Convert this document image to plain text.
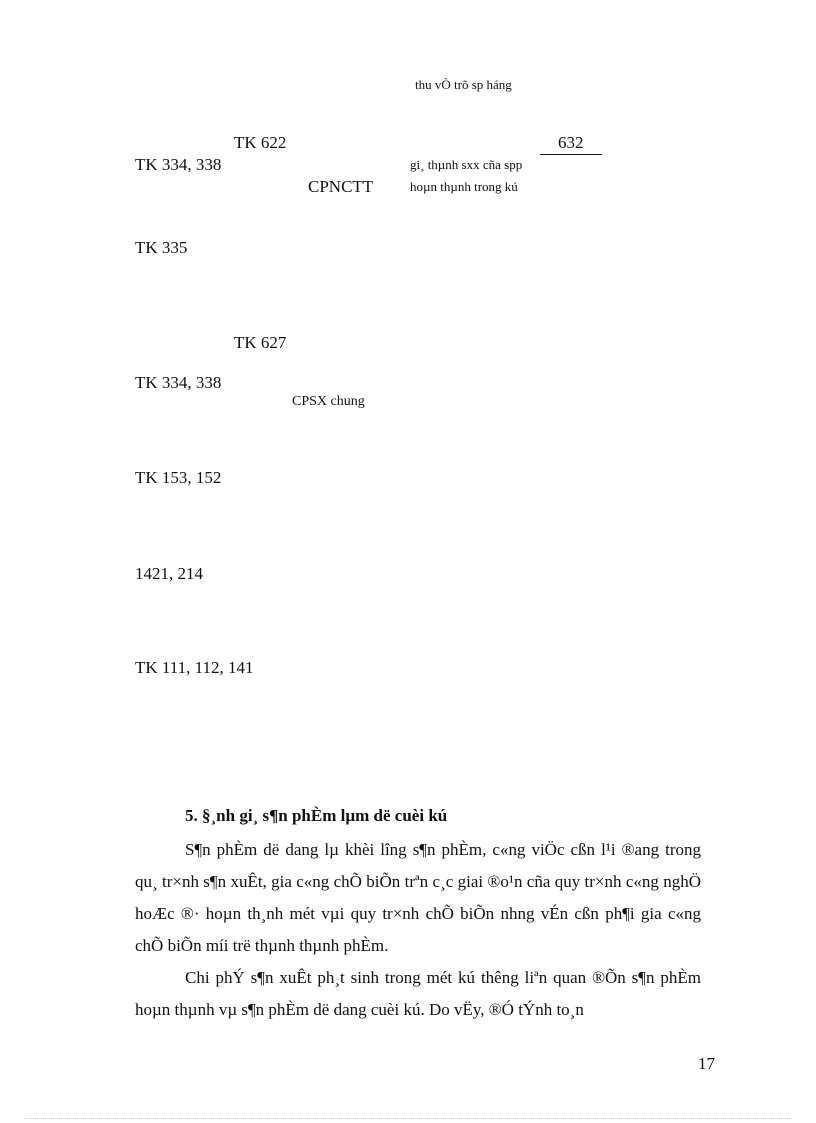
thu vÒ trõ sp háng
TK 622	632
TK 334, 338	gi¸ thµnh sxx cña spp
CPNCTT	hoµn thµnh trong kú
TK 335
TK 627
TK 334, 338
CPSX chung
TK 153, 152
1421, 214
TK 111, 112, 141
5. §¸nh gi¸ s¶n phÈm lµm dë cuèi kú
S¶n phÈm dë dang lµ khèi lîng s¶n phÈm, c«ng viÖc cßn l¹i ®ang trong qu¸ tr×nh s¶n xuÊt, gia c«ng chÕ biÕn trªn c¸c giai ®o¹n cña quy tr×nh c«ng nghÖ hoÆc ®· hoµn th¸nh mét vµi quy tr×nh chÕ biÕn nhng vÉn cßn ph¶i gia c«ng chÕ biÕn míi trë thµnh thµnh phÈm.
Chi phÝ s¶n xuÊt ph¸t sinh trong mét kú thêng liªn quan ®Õn s¶n phÈm hoµn thµnh vµ s¶n phÈm dë dang cuèi kú. Do vËy, ®Ó tÝnh to¸n
17
